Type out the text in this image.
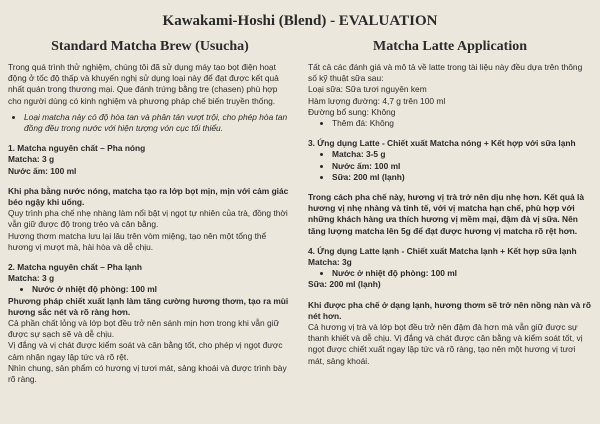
Kawakami-Hoshi (Blend) - EVALUATION
Standard Matcha Brew (Usucha)

Trong quá trình thử nghiệm, chúng tôi đã sử dụng máy tạo bọt điện hoạt động ở tốc độ thấp và khuyến nghị sử dụng loại này để đạt được kết quả nhất quán trong thương mại. Que đánh trứng bằng tre (chasen) phù hợp cho người dùng có kinh nghiệm và phương pháp chế biến truyền thống.

• Loại matcha này có độ hòa tan và phân tán vượt trội, cho phép hòa tan đồng đều trong nước với hiện tượng vón cục tối thiểu.

1. Matcha nguyên chất – Pha nóng

Matcha: 3 g

Nước ấm: 100 ml

Khi pha bằng nước nóng, matcha tạo ra lớp bọt mịn, mịn với cảm giác béo ngậy khi uống.

Quy trình pha chế nhẹ nhàng làm nổi bật vị ngọt tự nhiên của trà, đồng thời vẫn giữ được độ trong trẻo và cân bằng.

Hương thơm matcha lưu lại lâu trên vòm miệng, tạo nên một tổng thể hương vị mượt mà, hài hòa và dễ chịu.

2. Matcha nguyên chất – Pha lạnh

Matcha: 3 g

• Nước ở nhiệt độ phòng: 100 ml

Phương pháp chiết xuất lạnh làm tăng cường hương thơm, tạo ra mùi hương sắc nét và rõ ràng hơn.

Cả phần chất lỏng và lớp bọt đều trở nên sánh mịn hơn trong khi vẫn giữ được sự sạch sẽ và dễ chịu.

Vị đắng và vị chát được kiểm soát và cân bằng tốt, cho phép vị ngọt được cảm nhận ngay lập tức và rõ rệt.

Nhìn chung, sản phẩm có hương vị tươi mát, sảng khoái và được trình bày rõ ràng.

Matcha Latte Application

Tất cả các đánh giá và mô tả về latte trong tài liệu này đều dựa trên thông số kỹ thuật sữa sau:

Loại sữa: Sữa tươi nguyên kem

Hàm lượng đường: 4,7 g trên 100 ml

Đường bổ sung: Không

• Thêm đá: Không

3. Ứng dụng Latte - Chiết xuất Matcha nóng + Kết hợp với sữa lạnh

• Matcha: 3-5 g
• Nước ấm: 100 ml
• Sữa: 200 ml (lạnh)

Trong cách pha chế này, hương vị trà trở nên dịu nhẹ hơn. Kết quả là hương vị nhẹ nhàng và tinh tế, với vị matcha hạn chế, phù hợp với những khách hàng ưa thích hương vị mềm mại, đậm đà vị sữa. Nên tăng lượng matcha lên 5g để đạt được hương vị matcha rõ rệt hơn.

4. Ứng dụng Latte lạnh - Chiết xuất Matcha lạnh + Kết hợp sữa lạnh

Matcha: 3g

• Nước ở nhiệt độ phòng: 100 ml

Sữa: 200 ml (lạnh)

Khi được pha chế ở dạng lạnh, hương thơm sẽ trở nên nồng nàn và rõ nét hơn.

Cả hương vị trà và lớp bọt đều trở nên đậm đà hơn mà vẫn giữ được sự thanh khiết và dễ chịu. Vị đắng và chát được cân bằng và kiểm soát tốt, vị ngọt được chiết xuất ngay lập tức và rõ ràng, tạo nên một hương vị tươi mát, sảng khoái.
